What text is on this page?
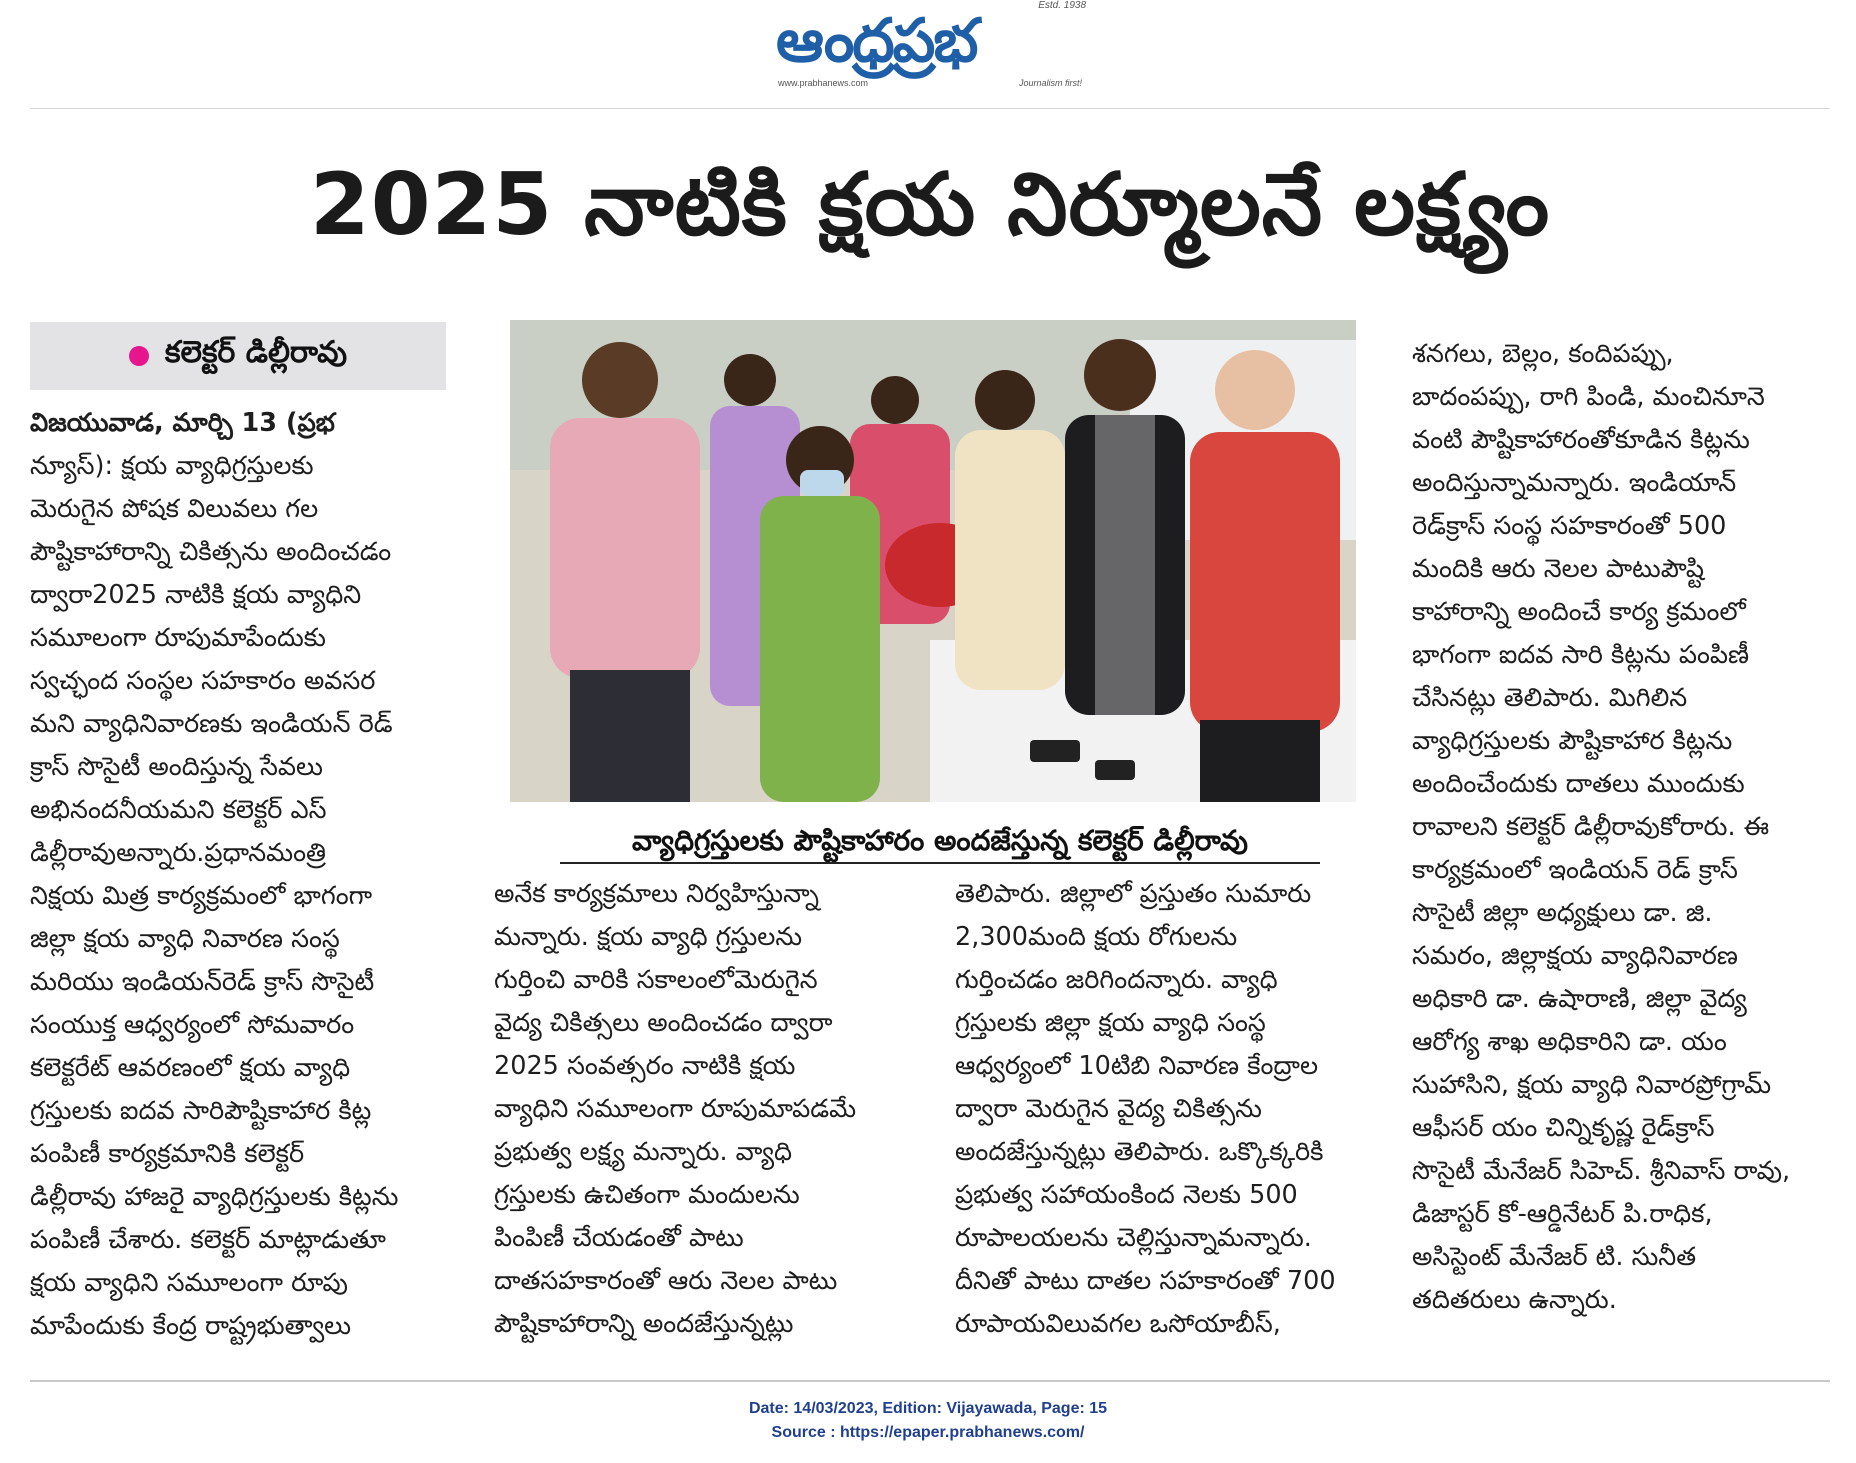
ఆంధ్రప్రభ
Estd. 1938
www.prabhanews.com	Journalism first!
2025 నాటికి క్షయ నిర్మూలనే లక్ష్యం
కలెక్టర్ డిల్లీరావు
విజయువాడ, మార్చి 13 (ప్రభ
న్యూస్): క్షయ వ్యాధిగ్రస్తులకు
మెరుగైన పోషక విలువలు గల
పౌష్టికాహారాన్ని చికిత్సను అందించడం
ద్వారా2025 నాటికి క్షయ వ్యాధిని
సమూలంగా రూపుమాపేందుకు
స్వచ్ఛంద సంస్థల సహకారం అవసర
మని వ్యాధినివారణకు ఇండియన్ రెడ్
క్రాస్ సొసైటీ అందిస్తున్న సేవలు
అభినందనీయమని కలెక్టర్ ఎస్
డిల్లీరావుఅన్నారు.ప్రధానమంత్రి
నిక్షయ మిత్ర కార్యక్రమంలో భాగంగా
జిల్లా క్షయ వ్యాధి నివారణ సంస్థ
మరియు ఇండియన్‌రెడ్ క్రాస్ సొసైటీ
సంయుక్త ఆధ్వర్యంలో సోమవారం
కలెక్టరేట్ ఆవరణంలో క్షయ వ్యాధి
గ్రస్తులకు ఐదవ సారిపౌష్టికాహార కిట్ల
పంపిణీ కార్యక్రమానికి కలెక్టర్
డిల్లీరావు హాజరై వ్యాధిగ్రస్తులకు కిట్లను
పంపిణీ చేశారు. కలెక్టర్ మాట్లాడుతూ
క్షయ వ్యాధిని సమూలంగా రూపు
మాపేందుకు కేంద్ర రాష్ట్రభుత్వాలు
వ్యాధిగ్రస్తులకు పౌష్టికాహారం అందజేస్తున్న కలెక్టర్ డిల్లీరావు
అనేక కార్యక్రమాలు నిర్వహిస్తున్నా
మన్నారు. క్షయ వ్యాధి గ్రస్తులను
గుర్తించి వారికి సకాలంలోమెరుగైన
వైద్య చికిత్సలు అందించడం ద్వారా
2025 సంవత్సరం నాటికి క్షయ
వ్యాధిని సమూలంగా రూపుమాపడమే
ప్రభుత్వ లక్ష్య మన్నారు. వ్యాధి
గ్రస్తులకు ఉచితంగా మందులను
పింపిణీ చేయడంతో పాటు
దాతసహకారంతో ఆరు నెలల పాటు
పౌష్టికాహారాన్ని అందజేస్తున్నట్లు
తెలిపారు. జిల్లాలో ప్రస్తుతం సుమారు
2,300మంది క్షయ రోగులను
గుర్తించడం జరిగిందన్నారు. వ్యాధి
గ్రస్తులకు జిల్లా క్షయ వ్యాధి సంస్థ
ఆధ్వర్యంలో 10టిబి నివారణ కేంద్రాల
ద్వారా మెరుగైన వైద్య చికిత్సను
అందజేస్తున్నట్లు తెలిపారు. ఒక్కొక్కరికి
ప్రభుత్వ సహాయంకింద నెలకు 500
రూపాలయలను చెల్లిస్తున్నామన్నారు.
దీనితో పాటు దాతల సహకారంతో 700
రూపాయవిలువగల ఒసోయాబీస్,
శనగలు, బెల్లం, కందిపప్పు,
బాదంపప్పు, రాగి పిండి, మంచినూనె
వంటి పౌష్టికాహారంతోకూడిన కిట్లను
అందిస్తున్నామన్నారు. ఇండియాన్
రెడ్‌క్రాస్ సంస్థ సహకారంతో 500
మందికి ఆరు నెలల పాటుపౌష్టి
కాహారాన్ని అందించే కార్య క్రమంలో
భాగంగా ఐదవ సారి కిట్లను పంపిణీ
చేసినట్లు తెలిపారు. మిగిలిన
వ్యాధిగ్రస్తులకు పౌష్టికాహార కిట్లను
అందించేందుకు దాతలు ముందుకు
రావాలని కలెక్టర్ డిల్లీరావుకోరారు. ఈ
కార్యక్రమంలో ఇండియన్ రెడ్ క్రాస్
సొసైటీ జిల్లా అధ్యక్షులు డా. జి.
సమరం, జిల్లాక్షయ వ్యాధినివారణ
అధికారి డా. ఉషారాణి, జిల్లా వైద్య
ఆరోగ్య శాఖ అధికారిని డా. యం
సుహాసిని, క్షయ వ్యాధి నివారప్రోగ్రామ్
ఆఫీసర్ యం చిన్నికృష్ణ రైడ్‌క్రాస్
సొసైటీ మేనేజర్ సిహెచ్. శ్రీనివాస్ రావు,
డిజాస్టర్ కో-ఆర్డినేటర్ పి.రాధిక,
అసిస్టెంట్ మేనేజర్ టి. సునీత
తదితరులు ఉన్నారు.
Date: 14/03/2023, Edition: Vijayawada, Page: 15
Source : https://epaper.prabhanews.com/
